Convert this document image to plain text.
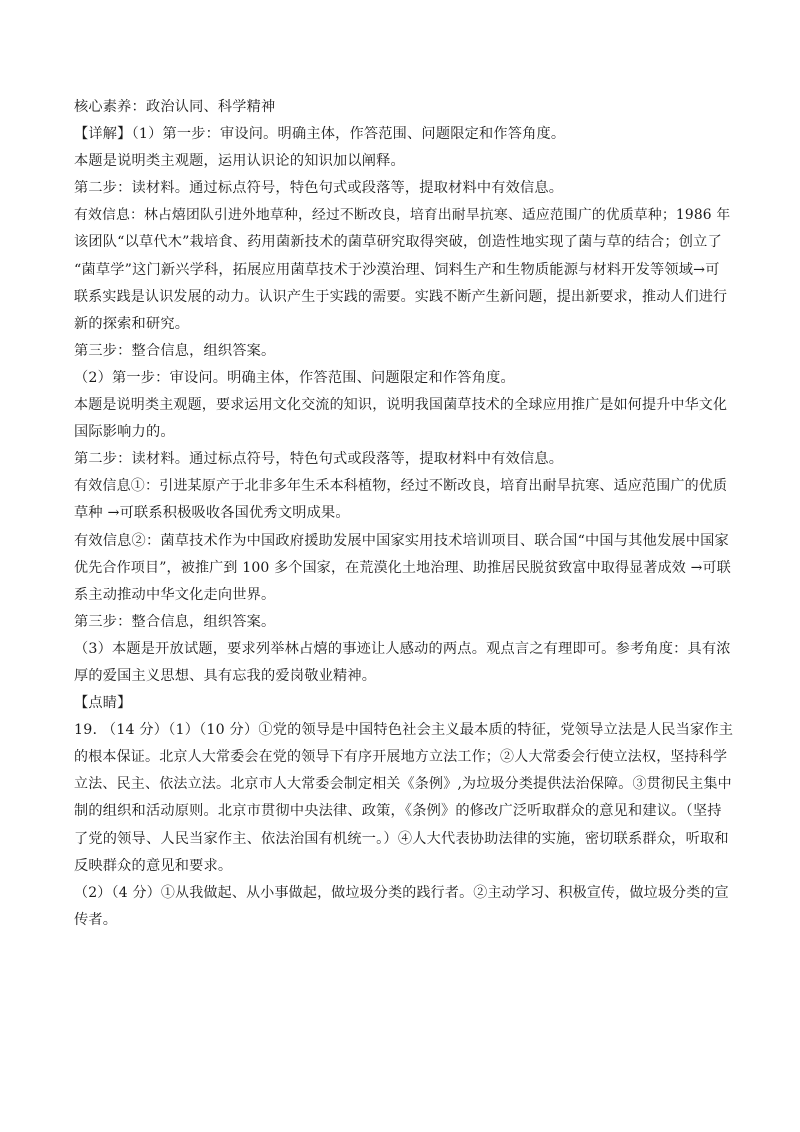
核心素养：政治认同、科学精神
【详解】（1）第一步：审设问。明确主体，作答范围、问题限定和作答角度。
本题是说明类主观题，运用认识论的知识加以阐释。
第二步：读材料。通过标点符号，特色句式或段落等，提取材料中有效信息。
有效信息：林占熺团队引进外地草种，经过不断改良，培育出耐旱抗寒、适应范围广的优质草种；1986 年
该团队“以草代木”栽培食、药用菌新技术的菌草研究取得突破，创造性地实现了菌与草的结合；创立了
“菌草学”这门新兴学科，拓展应用菌草技术于沙漠治理、饲料生产和生物质能源与材料开发等领域→可
联系实践是认识发展的动力。认识产生于实践的需要。实践不断产生新问题，提出新要求，推动人们进行
新的探索和研究。
第三步：整合信息，组织答案。
（2）第一步：审设问。明确主体，作答范围、问题限定和作答角度。
本题是说明类主观题，要求运用文化交流的知识，说明我国菌草技术的全球应用推广是如何提升中华文化
国际影响力的。
第二步：读材料。通过标点符号，特色句式或段落等，提取材料中有效信息。
有效信息①：引进某原产于北非多年生禾本科植物，经过不断改良，培育出耐旱抗寒、适应范围广的优质
草种 →可联系积极吸收各国优秀文明成果。
有效信息②：菌草技术作为中国政府援助发展中国家实用技术培训项目、联合国“中国与其他发展中国家
优先合作项目”，被推广到 100 多个国家，在荒漠化土地治理、助推居民脱贫致富中取得显著成效 →可联
系主动推动中华文化走向世界。
第三步：整合信息，组织答案。
（3）本题是开放试题，要求列举林占熺的事迹让人感动的两点。观点言之有理即可。参考角度：具有浓
厚的爱国主义思想、具有忘我的爱岗敬业精神。
【点睛】
19. （14 分）（1）（10 分）①党的领导是中国特色社会主义最本质的特征，党领导立法是人民当家作主
的根本保证。北京人大常委会在党的领导下有序开展地方立法工作；②人大常委会行使立法权，坚持科学
立法、民主、依法立法。北京市人大常委会制定相关《条例》,为垃圾分类提供法治保障。③贯彻民主集中
制的组织和活动原则。北京市贯彻中央法律、政策，《条例》的修改广泛听取群众的意见和建议。（坚持
了党的领导、人民当家作主、依法治国有机统一。）④人大代表协助法律的实施，密切联系群众，听取和
反映群众的意见和要求。
（2）（4 分）①从我做起、从小事做起，做垃圾分类的践行者。②主动学习、积极宣传，做垃圾分类的宣
传者。
